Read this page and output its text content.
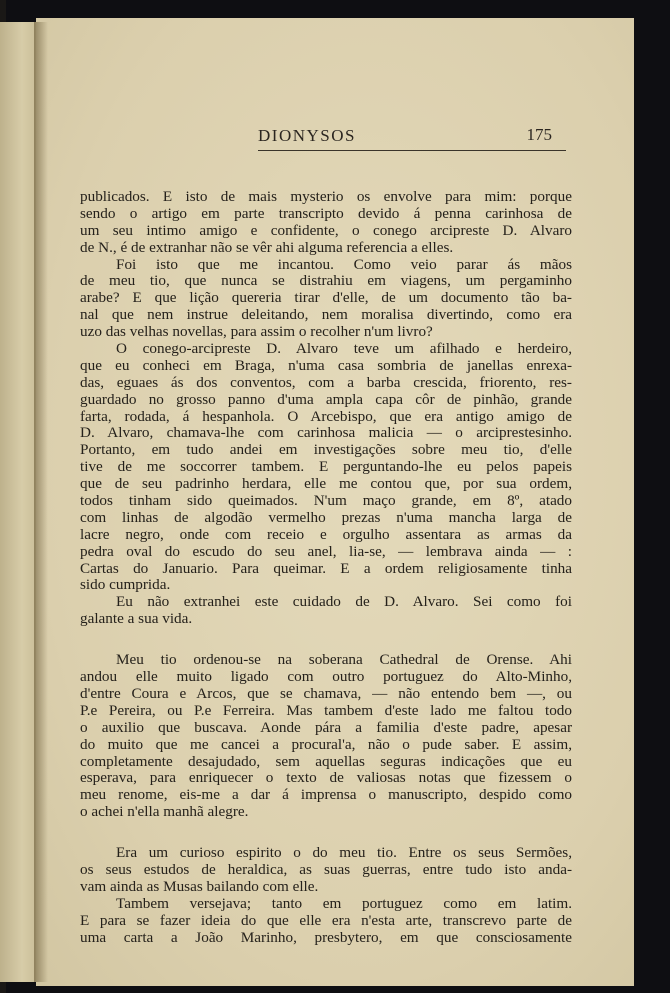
DIONYSOS	175
publicados. E isto de mais mysterio os envolve para mim: porque
sendo o artigo em parte transcripto devido á penna carinhosa de
um seu intimo amigo e confidente, o conego arcipreste D. Alvaro
de N., é de extranhar não se vêr ahi alguma referencia a elles.
Foi isto que me incantou. Como veio parar ás mãos
de meu tio, que nunca se distrahiu em viagens, um pergaminho
arabe? E que lição quereria tirar d'elle, de um documento tão ba-
nal que nem instrue deleitando, nem moralisa divertindo, como era
uzo das velhas novellas, para assim o recolher n'um livro?
O conego-arcipreste D. Alvaro teve um afilhado e herdeiro,
que eu conheci em Braga, n'uma casa sombria de janellas enrexa-
das, eguaes ás dos conventos, com a barba crescida, friorento, res-
guardado no grosso panno d'uma ampla capa côr de pinhão, grande
farta, rodada, á hespanhola. O Arcebispo, que era antigo amigo de
D. Alvaro, chamava-lhe com carinhosa malicia — o arciprestesinho.
Portanto, em tudo andei em investigações sobre meu tio, d'elle
tive de me soccorrer tambem. E perguntando-lhe eu pelos papeis
que de seu padrinho herdara, elle me contou que, por sua ordem,
todos tinham sido queimados. N'um maço grande, em 8º, atado
com linhas de algodão vermelho prezas n'uma mancha larga de
lacre negro, onde com receio e orgulho assentara as armas da
pedra oval do escudo do seu anel, lia-se, — lembrava ainda — :
Cartas do Januario. Para queimar. E a ordem religiosamente tinha
sido cumprida.
Eu não extranhei este cuidado de D. Alvaro. Sei como foi
galante a sua vida.
Meu tio ordenou-se na soberana Cathedral de Orense. Ahi
andou elle muito ligado com outro portuguez do Alto-Minho,
d'entre Coura e Arcos, que se chamava, — não entendo bem —, ou
P.e Pereira, ou P.e Ferreira. Mas tambem d'este lado me faltou todo
o auxilio que buscava. Aonde pára a familia d'este padre, apesar
do muito que me cancei a procural'a, não o pude saber. E assim,
completamente desajudado, sem aquellas seguras indicações que eu
esperava, para enriquecer o texto de valiosas notas que fizessem o
meu renome, eis-me a dar á imprensa o manuscripto, despido como
o achei n'ella manhã alegre.
Era um curioso espirito o do meu tio. Entre os seus Sermões,
os seus estudos de heraldica, as suas guerras, entre tudo isto anda-
vam ainda as Musas bailando com elle.
Tambem versejava; tanto em portuguez como em latim.
E para se fazer ideia do que elle era n'esta arte, transcrevo parte de
uma carta a João Marinho, presbytero, em que consciosamente
